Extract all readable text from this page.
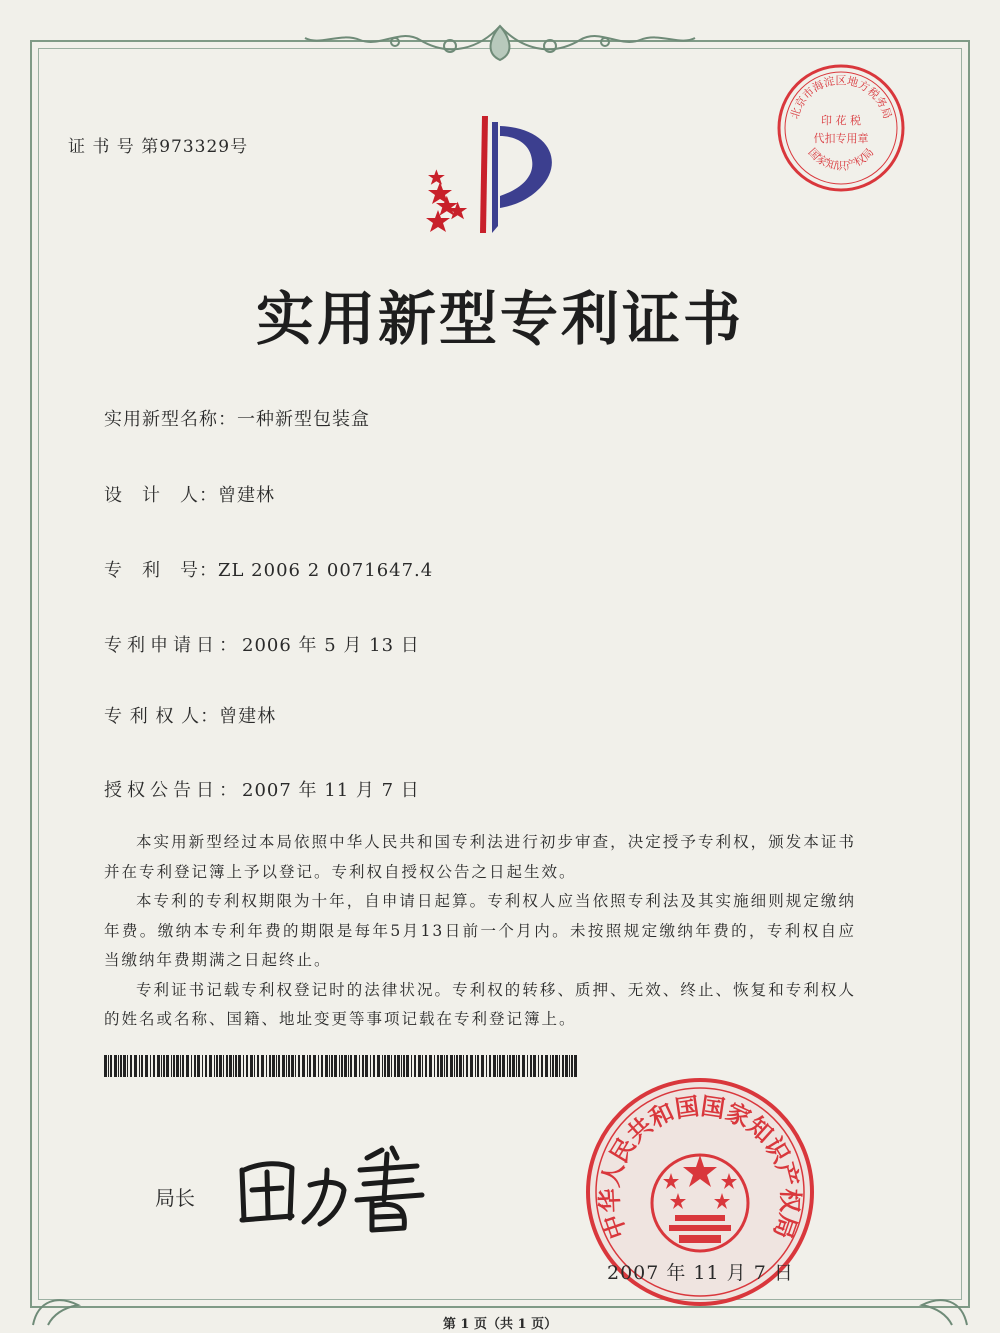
证 书 号 第973329号
北京市海淀区地方税务局
国家知识产权局
印 花 税
代扣专用章
实用新型专利证书
实用新型名称：一种新型包装盒
设　计　人：曾建林
专　利　号：ZL 2006 2 0071647.4
专利申请日：2006 年 5 月 13 日
专 利 权 人：曾建林
授权公告日：2007 年 11 月 7 日

本实用新型经过本局依照中华人民共和国专利法进行初步审查，决定授予专利权，颁发本证书并在专利登记簿上予以登记。专利权自授权公告之日起生效。

本专利的专利权期限为十年，自申请日起算。专利权人应当依照专利法及其实施细则规定缴纳年费。缴纳本专利年费的期限是每年5月13日前一个月内。未按照规定缴纳年费的，专利权自应当缴纳年费期满之日起终止。

专利证书记载专利权登记时的法律状况。专利权的转移、质押、无效、终止、恢复和专利权人的姓名或名称、国籍、地址变更等事项记载在专利登记簿上。

局长
中华人民共和国国家知识产权局
2007 年 11 月 7 日
第 1 页（共 1 页）
